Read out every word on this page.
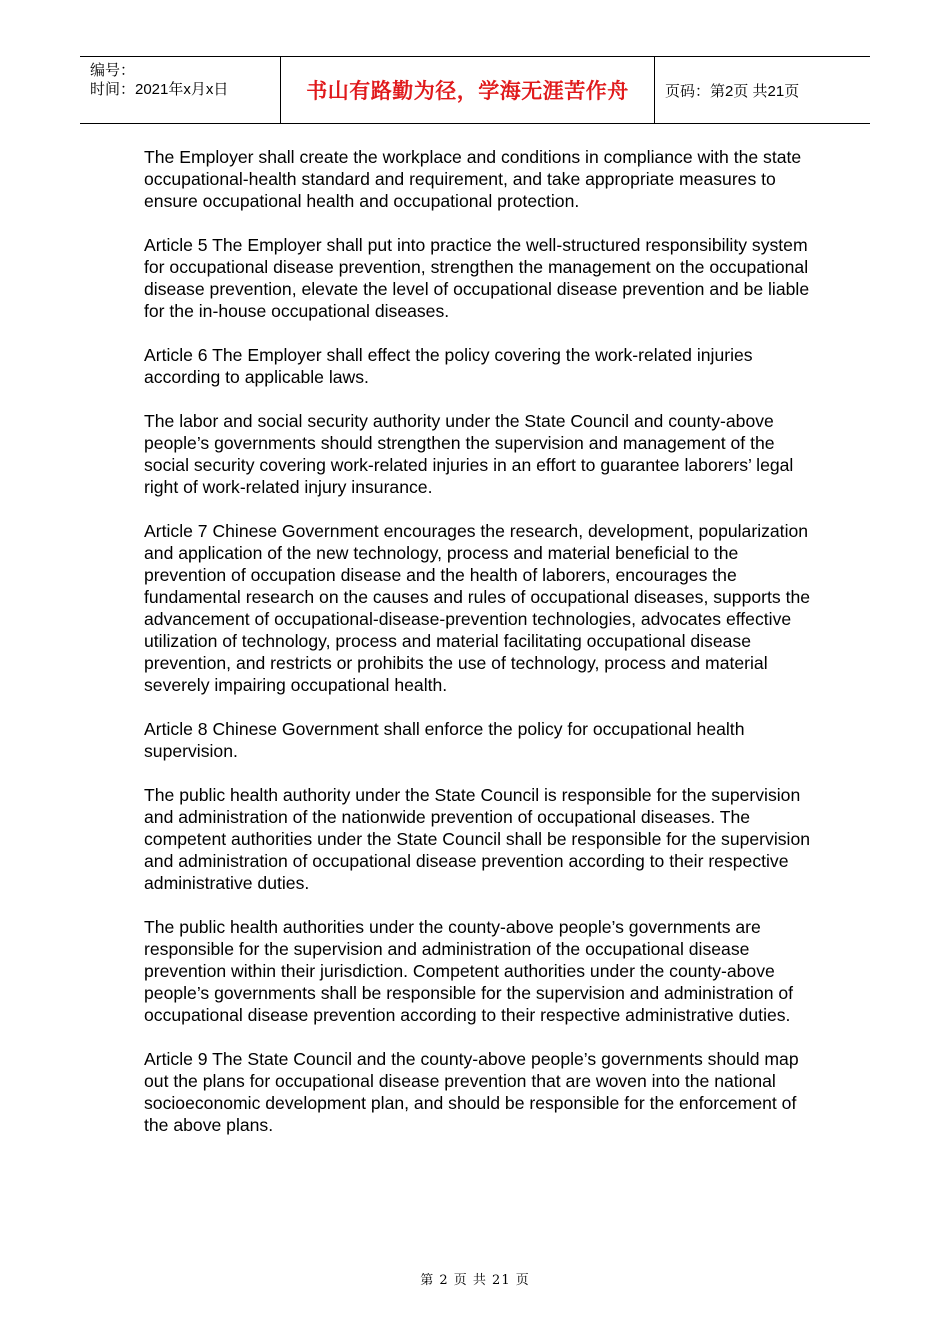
编号：
时间：2021年x月x日	书山有路勤为径，学海无涯苦作舟 页码：第2页 共21页

The Employer shall create the workplace and conditions in compliance with the state occupational-health standard and requirement, and take appropriate measures to ensure occupational health and occupational protection.

Article 5 The Employer shall put into practice the well-structured responsibility system for occupational disease prevention, strengthen the management on the occupational disease prevention, elevate the level of occupational disease prevention and be liable for the in-house occupational diseases.

Article 6 The Employer shall effect the policy covering the work-related injuries according to applicable laws.

The labor and social security authority under the State Council and county-above people’s governments should strengthen the supervision and management of the social security covering work-related injuries in an effort to guarantee laborers’ legal right of work-related injury insurance.

Article 7 Chinese Government encourages the research, development, popularization and application of the new technology, process and material beneficial to the prevention of occupation disease and the health of laborers, encourages the fundamental research on the causes and rules of occupational diseases, supports the advancement of occupational-disease-prevention technologies, advocates effective utilization of technology, process and material facilitating occupational disease prevention, and restricts or prohibits the use of technology, process and material severely impairing occupational health.

Article 8 Chinese Government shall enforce the policy for occupational health supervision.

The public health authority under the State Council is responsible for the supervision and administration of the nationwide prevention of occupational diseases. The competent authorities under the State Council shall be responsible for the supervision and administration of occupational disease prevention according to their respective administrative duties.

The public health authorities under the county-above people’s governments are responsible for the supervision and administration of the occupational disease prevention within their jurisdiction. Competent authorities under the county-above people’s governments shall be responsible for the supervision and administration of occupational disease prevention according to their respective administrative duties.

Article 9 The State Council and the county-above people’s governments should map out the plans for occupational disease prevention that are woven into the national socioeconomic development plan, and should be responsible for the enforcement of the above plans.

第 2 页 共 21 页
